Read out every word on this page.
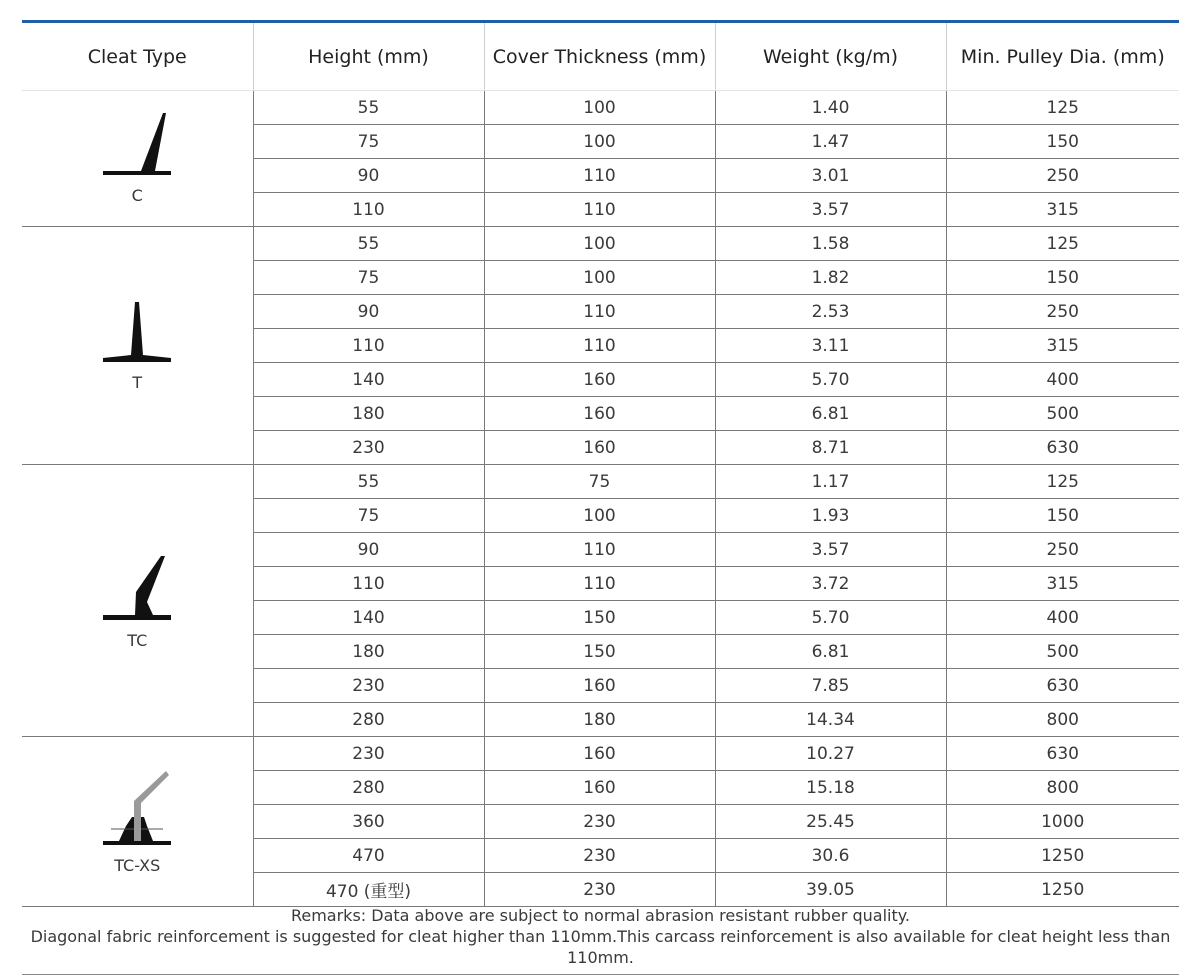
Cleat Type	Height (mm)	Cover Thickness (mm)	Weight (kg/m)	Min. Pulley Dia. (mm)

C	55	100	1.40	125
	75	100	1.47	150
	90	110	3.01	250
	110	110	3.57	315

T	55	100	1.58	125
	75	100	1.82	150
	90	110	2.53	250
	110	110	3.11	315
	140	160	5.70	400
	180	160	6.81	500
	230	160	8.71	630

TC	55	75	1.17	125
	75	100	1.93	150
	90	110	3.57	250
	110	110	3.72	315
	140	150	5.70	400
	180	150	6.81	500
	230	160	7.85	630
	280	180	14.34	800

TC-XS	230	160	10.27	630
	280	160	15.18	800
	360	230	25.45	1000
	470	230	30.6	1250
	470 (重型)	230	39.05	1250
Remarks: Data above are subject to normal abrasion resistant rubber quality.
Diagonal fabric reinforcement is suggested for cleat higher than 110mm.This carcass reinforcement is also available for cleat height less than 110mm.
